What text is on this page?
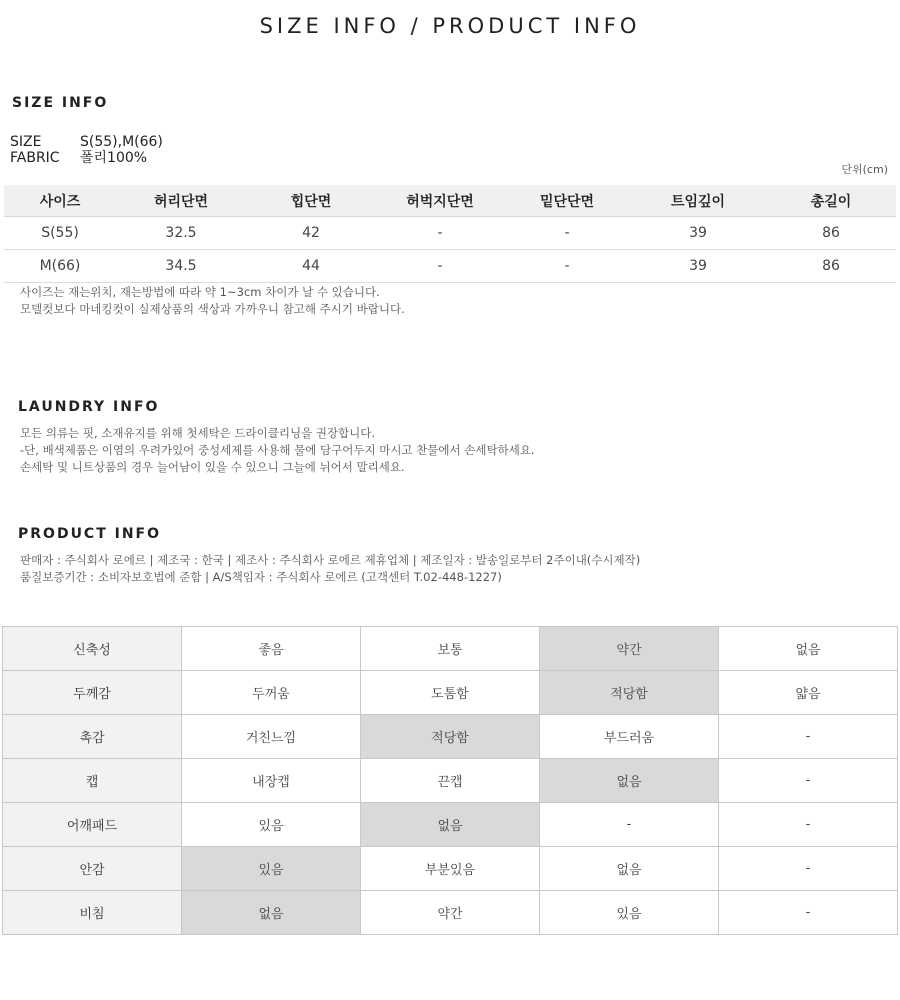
SIZE INFO / PRODUCT INFO
SIZE INFO
SIZE	S(55),M(66)
FABRIC 폴리100%
단위(cm)
사이즈	허리단면	힙단면	허벅지단면	밑단단면	트임깊이	총길이
S(55)	32.5	42	-	-	39	86
M(66)	34.5	44	-	-	39	86
사이즈는 재는위치, 재는방법에 따라 약 1~3cm 차이가 날 수 있습니다.
모델컷보다 마네킹컷이 실제상품의 색상과 가까우니 참고해 주시기 바랍니다.
LAUNDRY INFO
모든 의류는 핏, 소재유지를 위해 첫세탁은 드라이클리닝을 권장합니다.
-단, 배색제품은 이염의 우려가있어 중성세제를 사용해 물에 담구어두지 마시고 찬물에서 손세탁하세요.
손세탁 및 니트상품의 경우 늘어남이 있을 수 있으니 그늘에 뉘어서 말리세요.
PRODUCT INFO
판매자 : 주식회사 로에르 | 제조국 : 한국 | 제조사 : 주식회사 로에르 제휴업체 | 제조일자 : 발송일로부터 2주이내(수시제작)
품질보증기간 : 소비자보호법에 준함 | A/S책임자 : 주식회사 로에르 (고객센터 T.02-448-1227)
신축성	좋음	보통	약간	없음
두께감	두꺼움	도톰함	적당함	얇음
촉감	거친느낌	적당함	부드러움	-
캡	내장캡	끈캡	없음	-
어깨패드	있음	없음	-	-
안감	있음	부분있음	없음	-
비침	없음	약간	있음	-
